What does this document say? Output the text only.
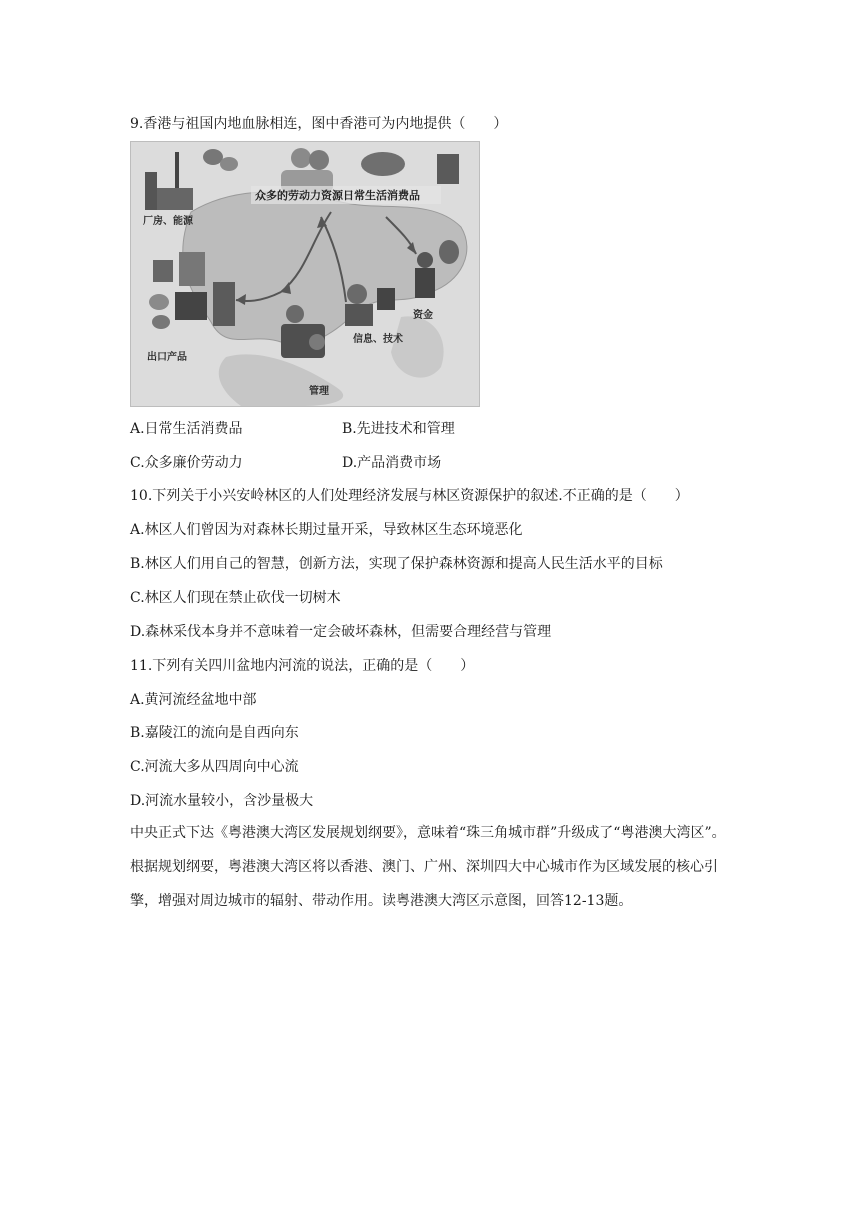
9.香港与祖国内地血脉相连，图中香港可为内地提供（　　）
厂房、能源
众多的劳动力资源日常生活消费品
出口产品
信息、技术
管理
资金
A.日常生活消费品	B.先进技术和管理
C.众多廉价劳动力	D.产品消费市场
10.下列关于小兴安岭林区的人们处理经济发展与林区资源保护的叙述.不正确的是（　　）
A.林区人们曾因为对森林长期过量开采，导致林区生态环境恶化
B.林区人们用自己的智慧，创新方法，实现了保护森林资源和提高人民生活水平的目标
C.林区人们现在禁止砍伐一切树木
D.森林采伐本身并不意味着一定会破坏森林，但需要合理经营与管理
11.下列有关四川盆地内河流的说法，正确的是（　　）
A.黄河流经盆地中部
B.嘉陵江的流向是自西向东
C.河流大多从四周向中心流
D.河流水量较小，含沙量极大
中央正式下达《粤港澳大湾区发展规划纲要》，意味着“珠三角城市群”升级成了“粤港澳大湾区”。根据规划纲要，粤港澳大湾区将以香港、澳门、广州、深圳四大中心城市作为区域发展的核心引擎，增强对周边城市的辐射、带动作用。读粤港澳大湾区示意图，回答12-13题。
